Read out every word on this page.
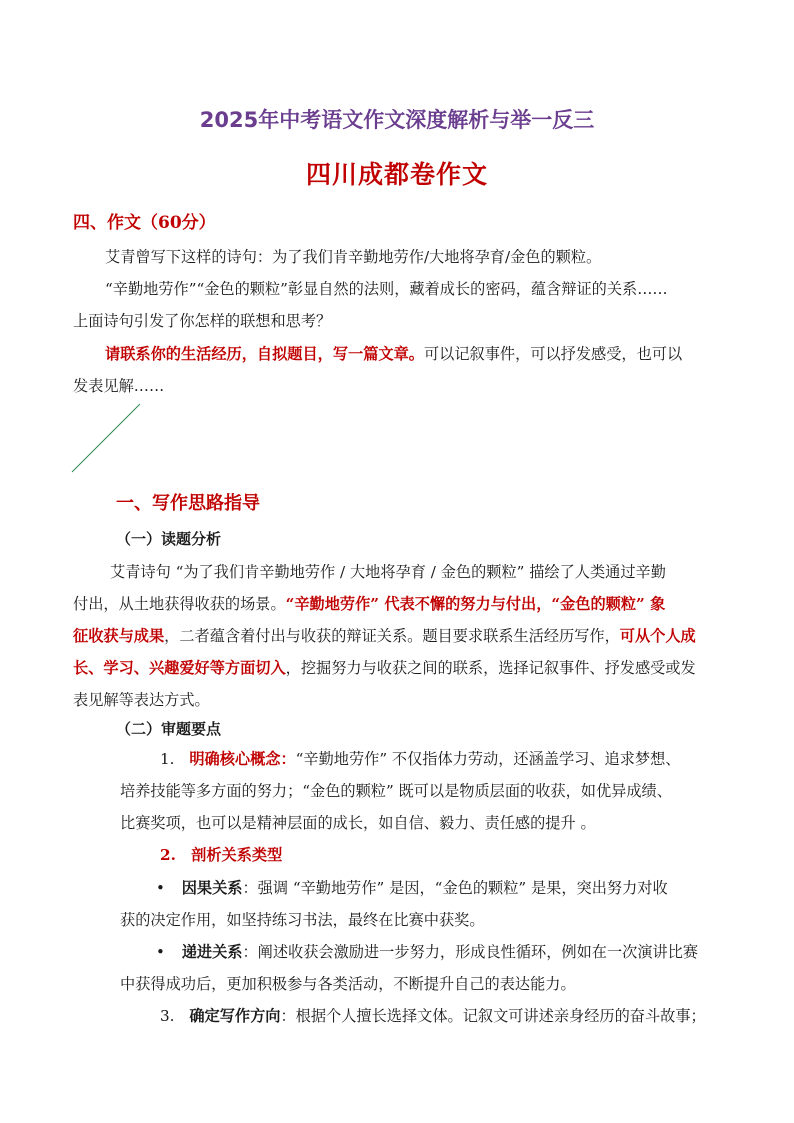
2025年中考语文作文深度解析与举一反三
四川成都卷作文
四、作文（60分）
艾青曾写下这样的诗句：为了我们肯辛勤地劳作/大地将孕育/金色的颗粒。
“辛勤地劳作”“金色的颗粒”彰显自然的法则，藏着成长的密码，蕴含辩证的关系……
上面诗句引发了你怎样的联想和思考？
请联系你的生活经历，自拟题目，写一篇文章。可以记叙事件，可以抒发感受，也可以
发表见解……
一、写作思路指导
（一）读题分析
艾青诗句 “为了我们肯辛勤地劳作 / 大地将孕育 / 金色的颗粒” 描绘了人类通过辛勤
付出，从土地获得收获的场景。“辛勤地劳作” 代表不懈的努力与付出，“金色的颗粒” 象
征收获与成果，二者蕴含着付出与收获的辩证关系。题目要求联系生活经历写作，可从个人成
长、学习、兴趣爱好等方面切入，挖掘努力与收获之间的联系，选择记叙事件、抒发感受或发
表见解等表达方式。
（二）审题要点
1. 明确核心概念：“辛勤地劳作” 不仅指体力劳动，还涵盖学习、追求梦想、
培养技能等多方面的努力；“金色的颗粒” 既可以是物质层面的收获，如优异成绩、
比赛奖项，也可以是精神层面的成长，如自信、毅力、责任感的提升 。
2. 剖析关系类型
• 因果关系：强调 “辛勤地劳作” 是因，“金色的颗粒” 是果，突出努力对收
获的决定作用，如坚持练习书法，最终在比赛中获奖。
• 递进关系：阐述收获会激励进一步努力，形成良性循环，例如在一次演讲比赛
中获得成功后，更加积极参与各类活动，不断提升自己的表达能力。
3. 确定写作方向：根据个人擅长选择文体。记叙文可讲述亲身经历的奋斗故事；
